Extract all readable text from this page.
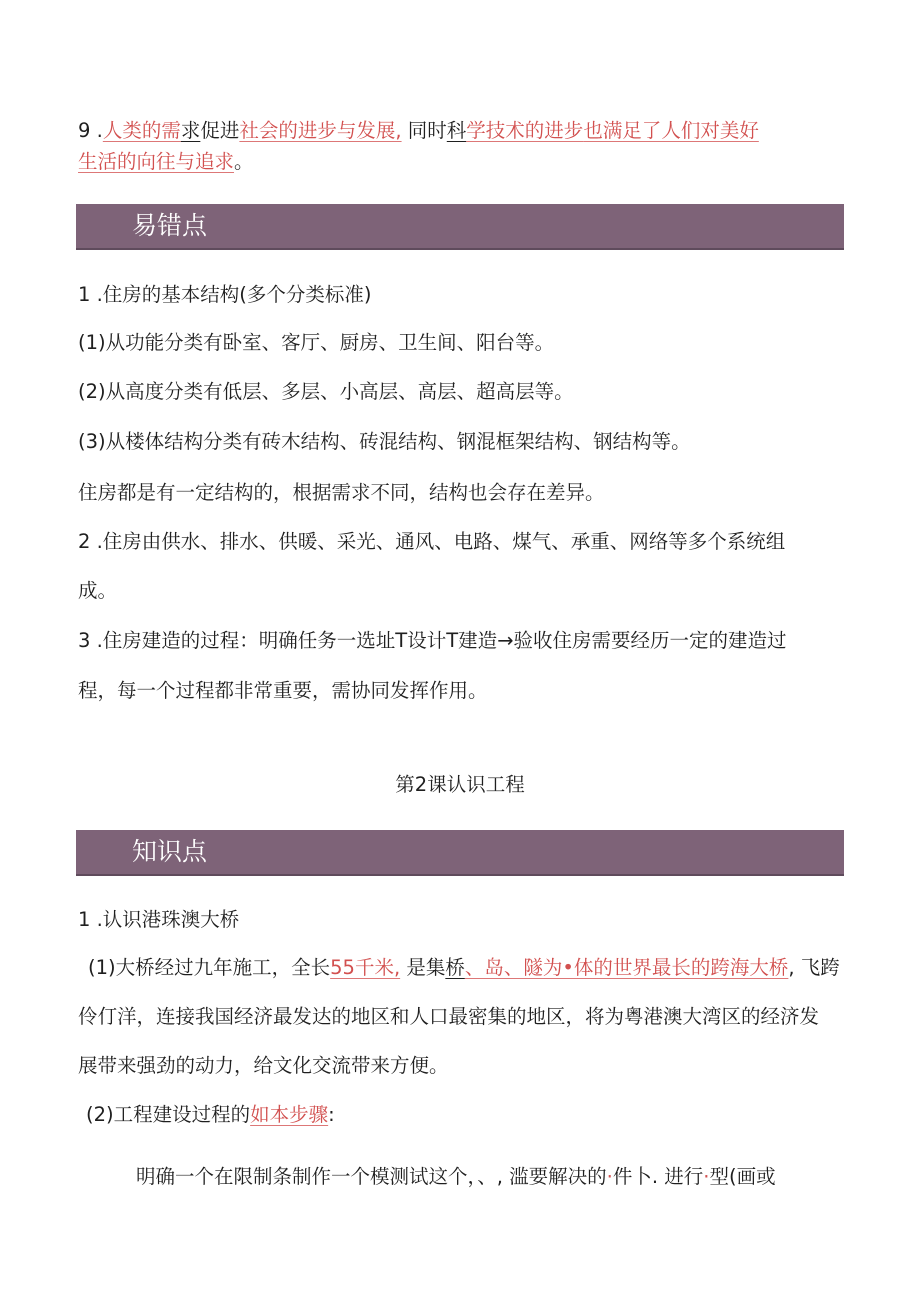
9 .人类的需求促进社会的进步与发展, 同时科学技术的进步也满足了人们对美好
生活的向往与追求。
易错点
1 .住房的基本结构(多个分类标准)
(1)从功能分类有卧室、客厅、厨房、卫生间、阳台等。
(2)从高度分类有低层、多层、小高层、高层、超高层等。
(3)从楼体结构分类有砖木结构、砖混结构、钢混框架结构、钢结构等。
住房都是有一定结构的，根据需求不同，结构也会存在差异。
2 .住房由供水、排水、供暖、采光、通风、电路、煤气、承重、网络等多个系统组
成。
3 .住房建造的过程：明确任务一选址T设计T建造→验收住房需要经历一定的建造过
程，每一个过程都非常重要，需协同发挥作用。
第2课认识工程
知识点
1 .认识港珠澳大桥
(1)大桥经过九年施工，全长55千米, 是集桥、岛、隧为•体的世界最长的跨海大桥, 飞跨
伶仃洋，连接我国经济最发达的地区和人口最密集的地区，将为粤港澳大湾区的经济发
展带来强劲的动力，给文化交流带来方便。
(2)工程建设过程的如本步骤:
明确一个在限制条制作一个模测试这个，、, 滥要解决的·件卜. 进行·型(画或
